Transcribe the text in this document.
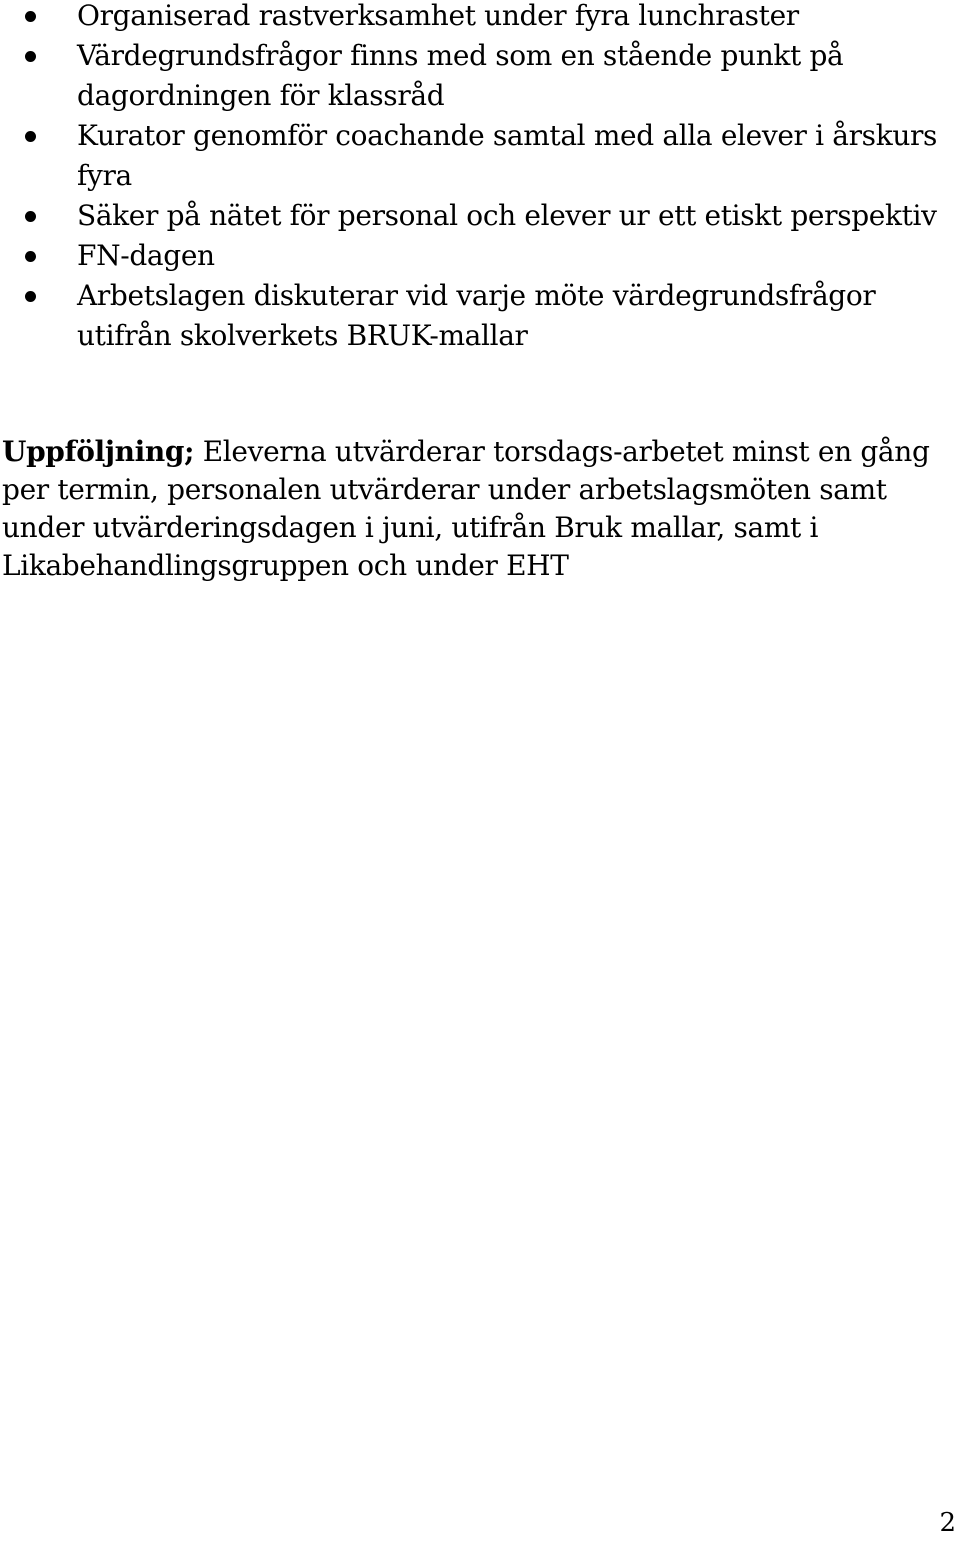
Organiserad rastverksamhet under fyra lunchraster
Värdegrundsfrågor finns med som en stående punkt på dagordningen för klassråd
Kurator genomför coachande samtal med alla elever i årskurs fyra
Säker på nätet för personal och elever ur ett etiskt perspektiv
FN-dagen
Arbetslagen diskuterar vid varje möte värdegrundsfrågor utifrån skolverkets BRUK-mallar

Uppföljning; Eleverna utvärderar torsdags-arbetet minst en gång per termin, personalen utvärderar under arbetslagsmöten samt under utvärderingsdagen i juni, utifrån Bruk mallar, samt i Likabehandlingsgruppen och under EHT

2
